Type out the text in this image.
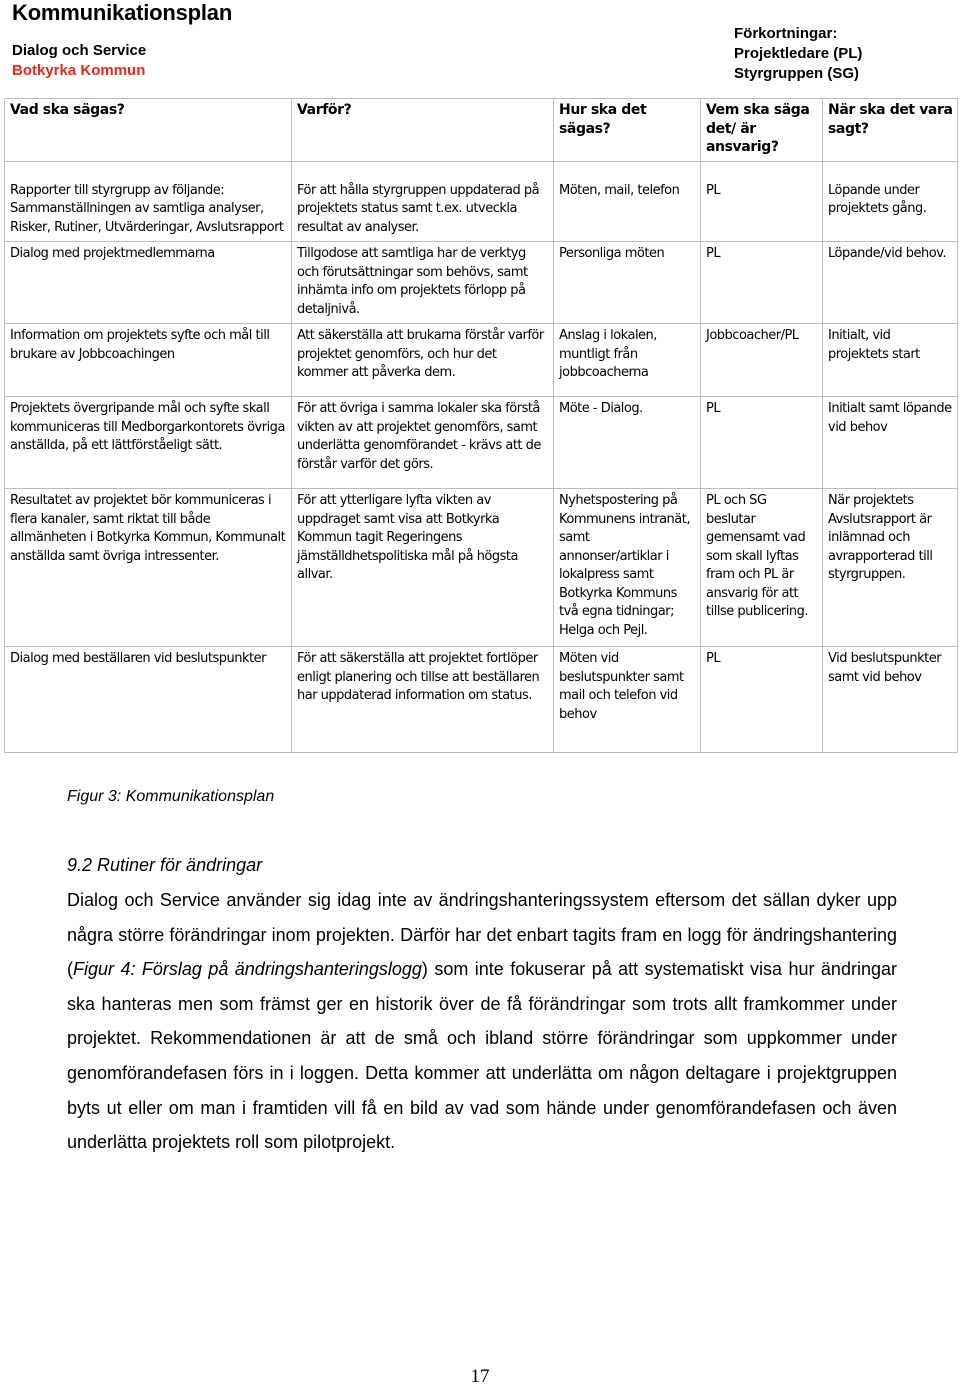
Kommunikationsplan
Dialog och Service
Botkyrka Kommun
Förkortningar:
Projektledare (PL)
Styrgruppen (SG)
Vad ska sägas?	Varför?	Hur ska det sägas?	Vem ska säga det/ är ansvarig?	När ska det vara sagt?
Rapporter till styrgrupp av följande: Sammanställningen av samtliga analyser, Risker, Rutiner, Utvärderingar, Avslutsrapport	För att hålla styrgruppen uppdaterad på projektets status samt t.ex. utveckla resultat av analyser.	Möten, mail, telefon	PL	Löpande under projektets gång.
Dialog med projektmedlemmarna	Tillgodose att samtliga har de verktyg och förutsättningar som behövs, samt inhämta info om projektets förlopp på detaljnivå.	Personliga möten	PL	Löpande/vid behov.
Information om projektets syfte och mål till brukare av Jobbcoachingen	Att säkerställa att brukarna förstår varför projektet genomförs, och hur det kommer att påverka dem.	Anslag i lokalen, muntligt från jobbcoacherna	Jobbcoacher/PL	Initialt, vid projektets start
Projektets övergripande mål och syfte skall kommuniceras till Medborgarkontorets övriga anställda, på ett lättförståeligt sätt.	För att övriga i samma lokaler ska förstå vikten av att projektet genomförs, samt underlätta genomförandet - krävs att de förstår varför det görs.	Möte - Dialog.	PL	Initialt samt löpande vid behov
Resultatet av projektet bör kommuniceras i flera kanaler, samt riktat till både allmänheten i Botkyrka Kommun, Kommunalt anställda samt övriga intressenter.	För att ytterligare lyfta vikten av uppdraget samt visa att Botkyrka Kommun tagit Regeringens jämställdhetspolitiska mål på högsta allvar.	Nyhetspostering på Kommunens intranät, samt annonser/artiklar i lokalpress samt Botkyrka Kommuns två egna tidningar; Helga och Pejl.	PL och SG beslutar gemensamt vad som skall lyftas fram och PL är ansvarig för att tillse publicering.	När projektets Avslutsrapport är inlämnad och avrapporterad till styrgruppen.
Dialog med beställaren vid beslutspunkter	För att säkerställa att projektet fortlöper enligt planering och tillse att beställaren har uppdaterad information om status.	Möten vid beslutspunkter samt mail och telefon vid behov	PL	Vid beslutspunkter samt vid behov
Figur 3: Kommunikationsplan
9.2 Rutiner för ändringar

Dialog och Service använder sig idag inte av ändringshanteringssystem eftersom det sällan dyker upp några större förändringar inom projekten. Därför har det enbart tagits fram en logg för ändringshantering (Figur 4: Förslag på ändringshanteringslogg) som inte fokuserar på att systematiskt visa hur ändringar ska hanteras men som främst ger en historik över de få förändringar som trots allt framkommer under projektet. Rekommendationen är att de små och ibland större förändringar som uppkommer under genomförandefasen förs in i loggen. Detta kommer att underlätta om någon deltagare i projektgruppen byts ut eller om man i framtiden vill få en bild av vad som hände under genomförandefasen och även underlätta projektets roll som pilotprojekt.

17
